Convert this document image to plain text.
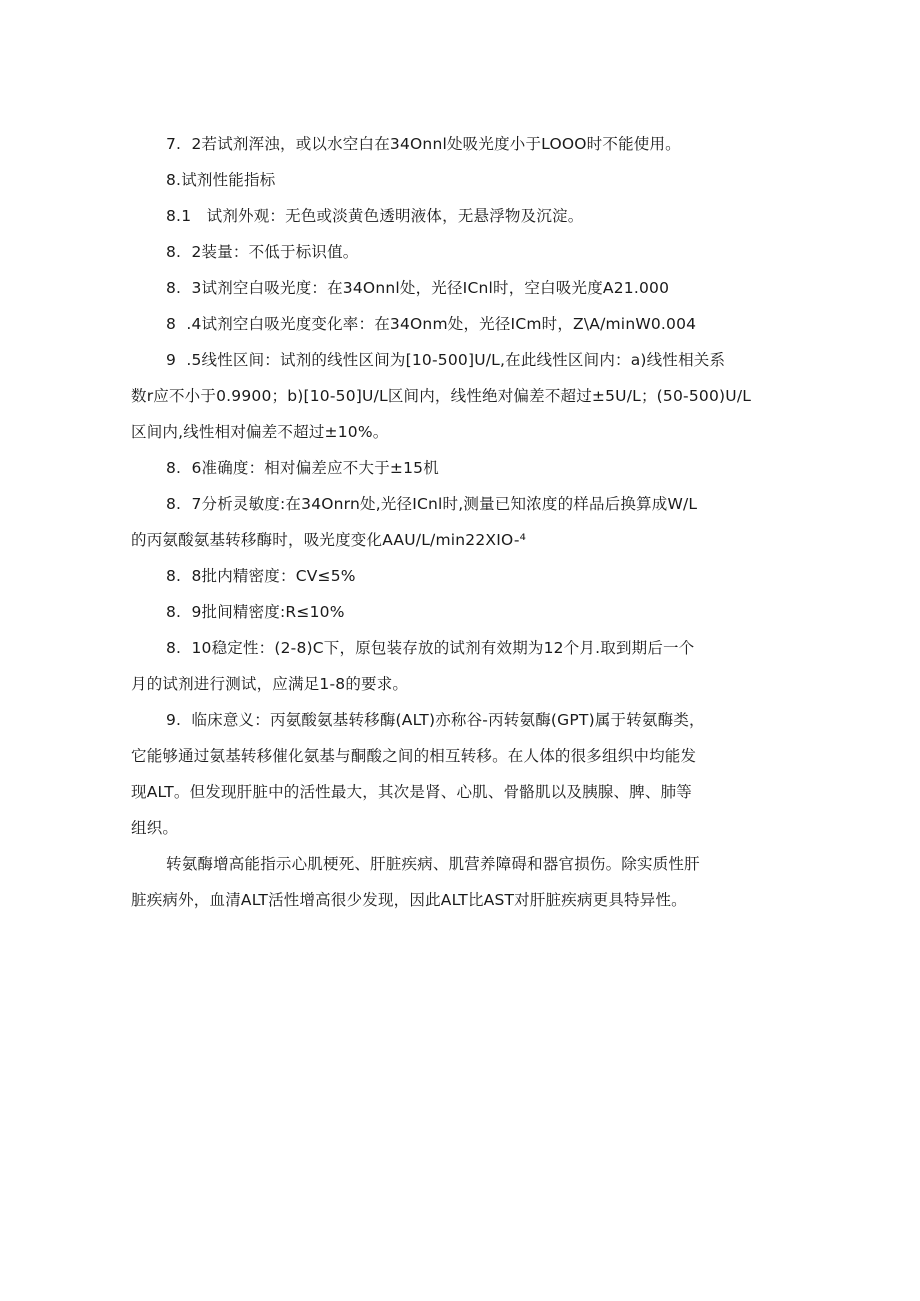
7.  2若试剂浑浊，或以水空白在34Onnl处吸光度小于LOOO时不能使用。

8.试剂性能指标

8.1   试剂外观：无色或淡黄色透明液体，无悬浮物及沉淀。

8.  2装量：不低于标识值。

8.  3试剂空白吸光度：在34Onnl处，光径ICnl时，空白吸光度A21.000

8  .4试剂空白吸光度变化率：在34Onm处，光径ICm时，Z\A∕minW0.004

9  .5线性区间：试剂的线性区间为[10-500]U∕L,在此线性区间内：a)线性相关系
数r应不小于0.9900；b)[10-50]U/L区间内，线性绝对偏差不超过±5U/L；(50-500)U/L
区间内,线性相对偏差不超过±10%。

8.  6准确度：相对偏差应不大于±15机

8.  7分析灵敏度:在34Onrn处,光径ICnl时,测量已知浓度的样品后换算成W/L
的丙氨酸氨基转移酶时，吸光度变化AAU∕L∕min22XIO-⁴

8.  8批内精密度：CV≤5%

8.  9批间精密度:R≤10%

8.  10稳定性：(2-8)C下，原包装存放的试剂有效期为12个月.取到期后一个
月的试剂进行测试，应满足1-8的要求。

9.  临床意义：丙氨酸氨基转移酶(ALT)亦称谷-丙转氨酶(GPT)属于转氨酶类，
它能够通过氨基转移催化氨基与酮酸之间的相互转移。在人体的很多组织中均能发
现ALT。但发现肝脏中的活性最大，其次是肾、心肌、骨骼肌以及胰腺、脾、肺等
组织。

转氨酶增高能指示心肌梗死、肝脏疾病、肌营养障碍和器官损伤。除实质性肝
脏疾病外，血清ALT活性增高很少发现，因此ALT比AST对肝脏疾病更具特异性。
